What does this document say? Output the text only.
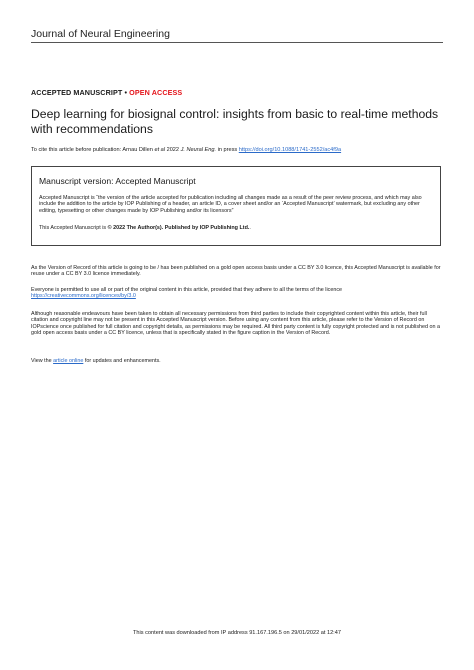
Journal of Neural Engineering
ACCEPTED MANUSCRIPT • OPEN ACCESS
Deep learning for biosignal control: insights from basic to real-time methods with recommendations
To cite this article before publication: Arnau Dillen et al 2022 J. Neural Eng. in press https://doi.org/10.1088/1741-2552/ac4f9a
Manuscript version: Accepted Manuscript
Accepted Manuscript is “the version of the article accepted for publication including all changes made as a result of the peer review process, and which may also include the addition to the article by IOP Publishing of a header, an article ID, a cover sheet and/or an ‘Accepted Manuscript’ watermark, but excluding any other editing, typesetting or other changes made by IOP Publishing and/or its licensors”
This Accepted Manuscript is © 2022 The Author(s). Published by IOP Publishing Ltd..
As the Version of Record of this article is going to be / has been published on a gold open access basis under a CC BY 3.0 licence, this Accepted Manuscript is available for reuse under a CC BY 3.0 licence immediately.
Everyone is permitted to use all or part of the original content in this article, provided that they adhere to all the terms of the licence
https://creativecommons.org/licences/by/3.0
Although reasonable endeavours have been taken to obtain all necessary permissions from third parties to include their copyrighted content within this article, their full citation and copyright line may not be present in this Accepted Manuscript version. Before using any content from this article, please refer to the Version of Record on IOPscience once published for full citation and copyright details, as permissions may be required. All third party content is fully copyright protected and is not published on a gold open access basis under a CC BY licence, unless that is specifically stated in the figure caption in the Version of Record.
View the article online for updates and enhancements.
This content was downloaded from IP address 91.167.196.5 on 29/01/2022 at 12:47
